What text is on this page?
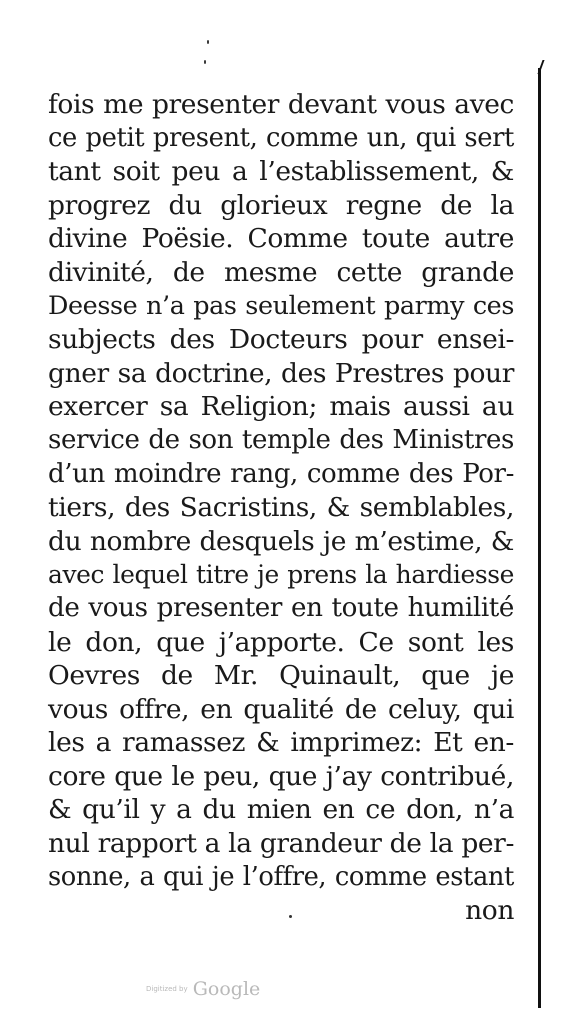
fois me presenter devant vous avec
ce petit present, comme un, qui sert
tant soit peu a l’establissement, &
progrez du glorieux regne de la
divine Poësie. Comme toute autre
divinité, de mesme cette grande
Deesse n’a pas seulement parmy ces
subjects des Docteurs pour ensei-
gner sa doctrine, des Prestres pour
exercer sa Religion; mais aussi au
service de son temple des Ministres
d’un moindre rang, comme des Por-
tiers, des Sacristins, & semblables,
du nombre desquels je m’estime, &
avec lequel titre je prens la hardiesse
de vous presenter en toute humilité
le don, que j’apporte. Ce sont les
Oevres de Mr. Quinault, que je
vous offre, en qualité de celuy, qui
les a ramassez & imprimez: Et en-
core que le peu, que j’ay contribué,
& qu’il y a du mien en ce don, n’a
nul rapport a la grandeur de la per-
sonne, a qui je l’offre, comme estant
non
Digitized by Google
